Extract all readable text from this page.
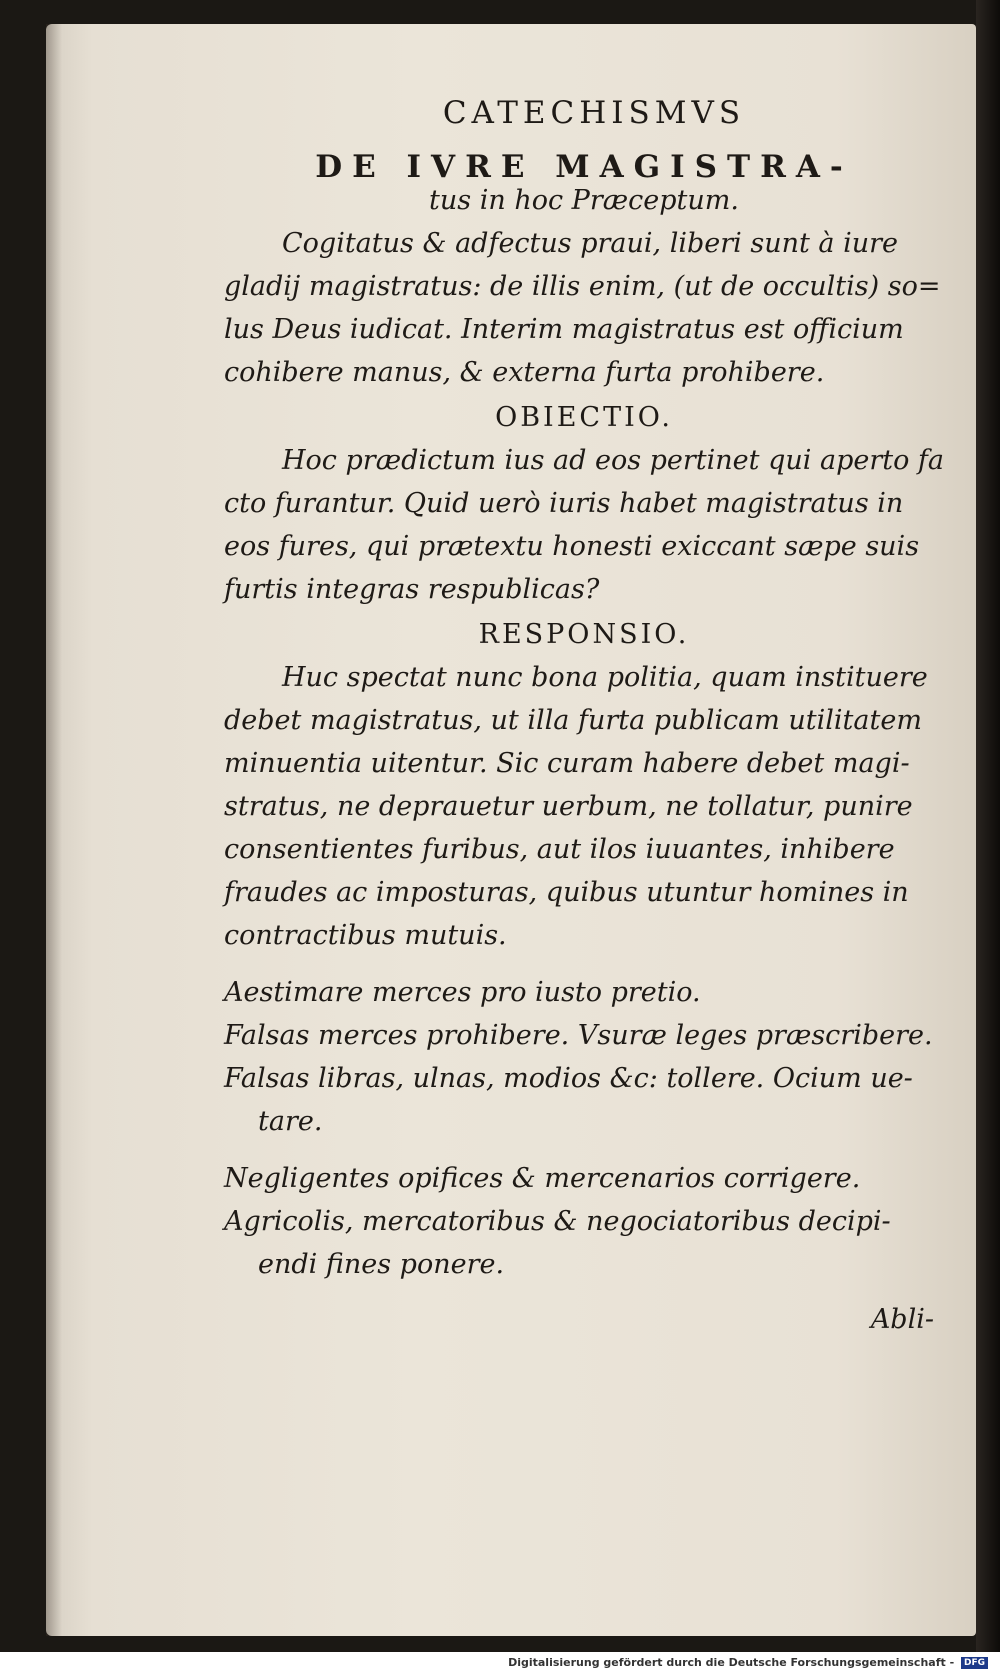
CATECHISMVS
DE IVRE MAGISTRA-
tus in hoc Præceptum.
Cogitatus & adfectus praui, liberi sunt à iure
gladij magistratus: de illis enim, (ut de occultis) so=
lus Deus iudicat. Interim magistratus est officium
cohibere manus, & externa furta prohibere.
OBIECTIO.
Hoc prædictum ius ad eos pertinet qui aperto fa
cto furantur. Quid uerò iuris habet magistratus in
eos fures, qui prætextu honesti exiccant sæpe suis
furtis integras respublicas?
RESPONSIO.
Huc spectat nunc bona politia, quam instituere
debet magistratus, ut illa furta publicam utilitatem
minuentia uitentur. Sic curam habere debet magi-
stratus, ne deprauetur uerbum, ne tollatur, punire
consentientes furibus, aut ilos iuuantes, inhibere
fraudes ac imposturas, quibus utuntur homines in
contractibus mutuis.
Aestimare merces pro iusto pretio.
Falsas merces prohibere. Vsuræ leges præscribere.
Falsas libras, ulnas, modios &c: tollere. Ocium ue-
tare.
Negligentes opifices & mercenarios corrigere.
Agricolis, mercatoribus & negociatoribus decipi-
endi fines ponere.
Abli-
Digitalisierung gefördert durch die Deutsche Forschungsgemeinschaft - DFG
